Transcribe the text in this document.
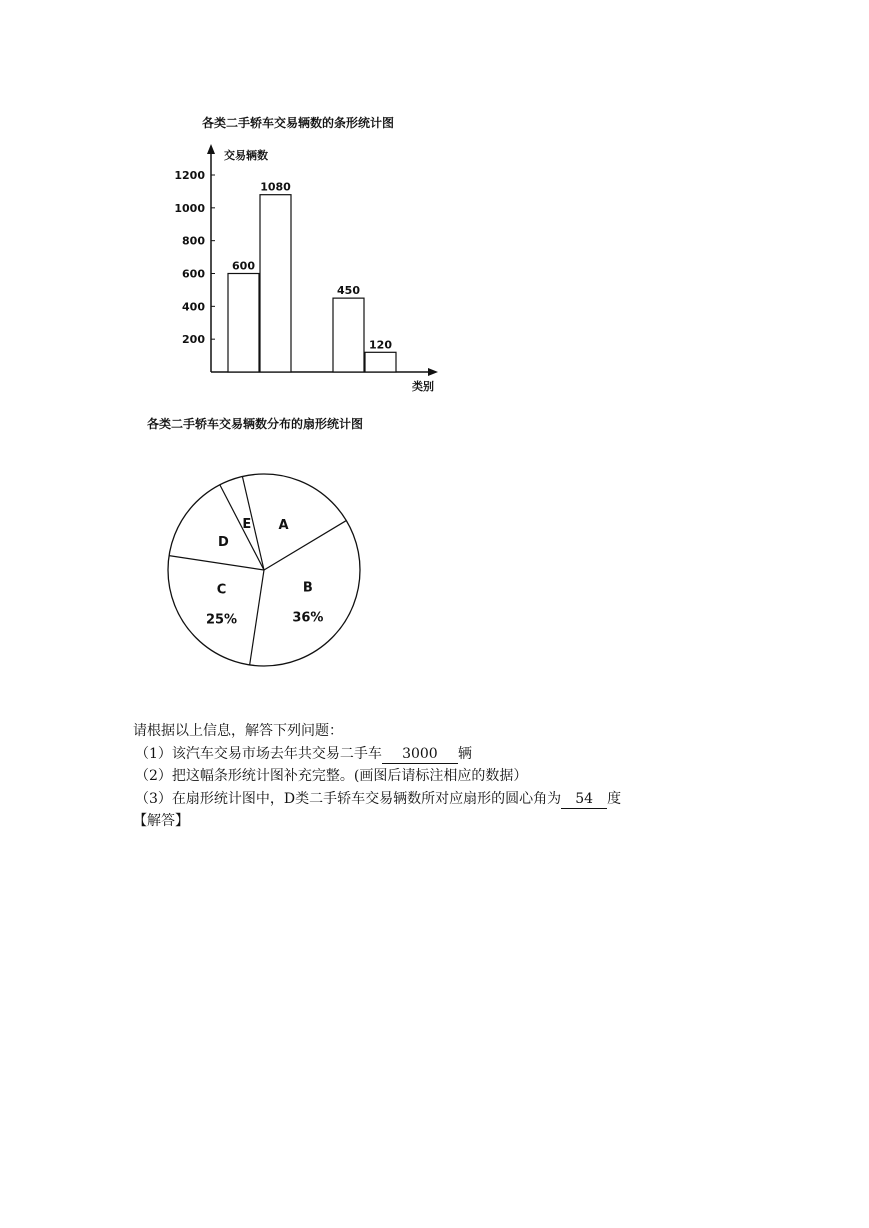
各类二手轿车交易辆数的条形统计图
交易辆数
类别
200
400
600
800
1000
1200
600
1080
450
120
各类二手轿车交易辆数分布的扇形统计图
A
B
36%
C
25%
D
E
请根据以上信息，解答下列问题：
（1）该汽车交易市场去年共交易二手车 3000 辆
（2）把这幅条形统计图补充完整。(画图后请标注相应的数据）
（3）在扇形统计图中，D类二手轿车交易辆数所对应扇形的圆心角为 54 度
【解答】
